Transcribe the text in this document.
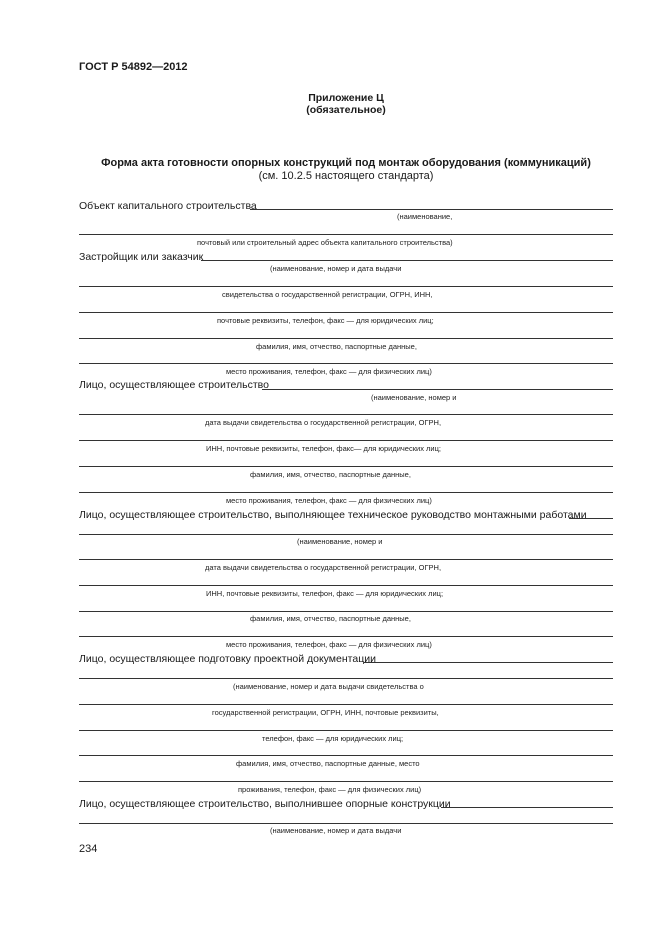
ГОСТ Р 54892—2012
Приложение Ц
(обязательное)
Форма акта готовности опорных конструкций под монтаж оборудования (коммуникаций)
(см. 10.2.5 настоящего стандарта)
Объект капитального строительства
(наименование,
почтовый или строительный адрес объекта капитального строительства)
Застройщик или заказчик
(наименование, номер и дата выдачи
свидетельства о государственной регистрации, ОГРН, ИНН,
почтовые реквизиты, телефон, факс — для юридических лиц;
фамилия, имя, отчество, паспортные данные,
место проживания, телефон, факс — для физических лиц)
Лицо, осуществляющее строительство
(наименование, номер и
дата выдачи свидетельства о государственной регистрации, ОГРН,
ИНН, почтовые реквизиты, телефон, факс— для юридических лиц;
фамилия, имя, отчество, паспортные данные,
место проживания, телефон, факс — для физических лиц)
Лицо, осуществляющее строительство, выполняющее техническое руководство монтажными работами
(наименование, номер и
дата выдачи свидетельства о государственной регистрации, ОГРН,
ИНН, почтовые реквизиты, телефон, факс — для юридических лиц;
фамилия, имя, отчество, паспортные данные,
место проживания, телефон, факс — для физических лиц)
Лицо, осуществляющее подготовку проектной документации
(наименование, номер и дата выдачи свидетельства о
государственной регистрации, ОГРН, ИНН, почтовые реквизиты,
телефон, факс — для юридических лиц;
фамилия, имя, отчество, паспортные данные, место
проживания, телефон, факс — для физических лиц)
Лицо, осуществляющее строительство, выполнившее опорные конструкции
(наименование, номер и дата выдачи
234
